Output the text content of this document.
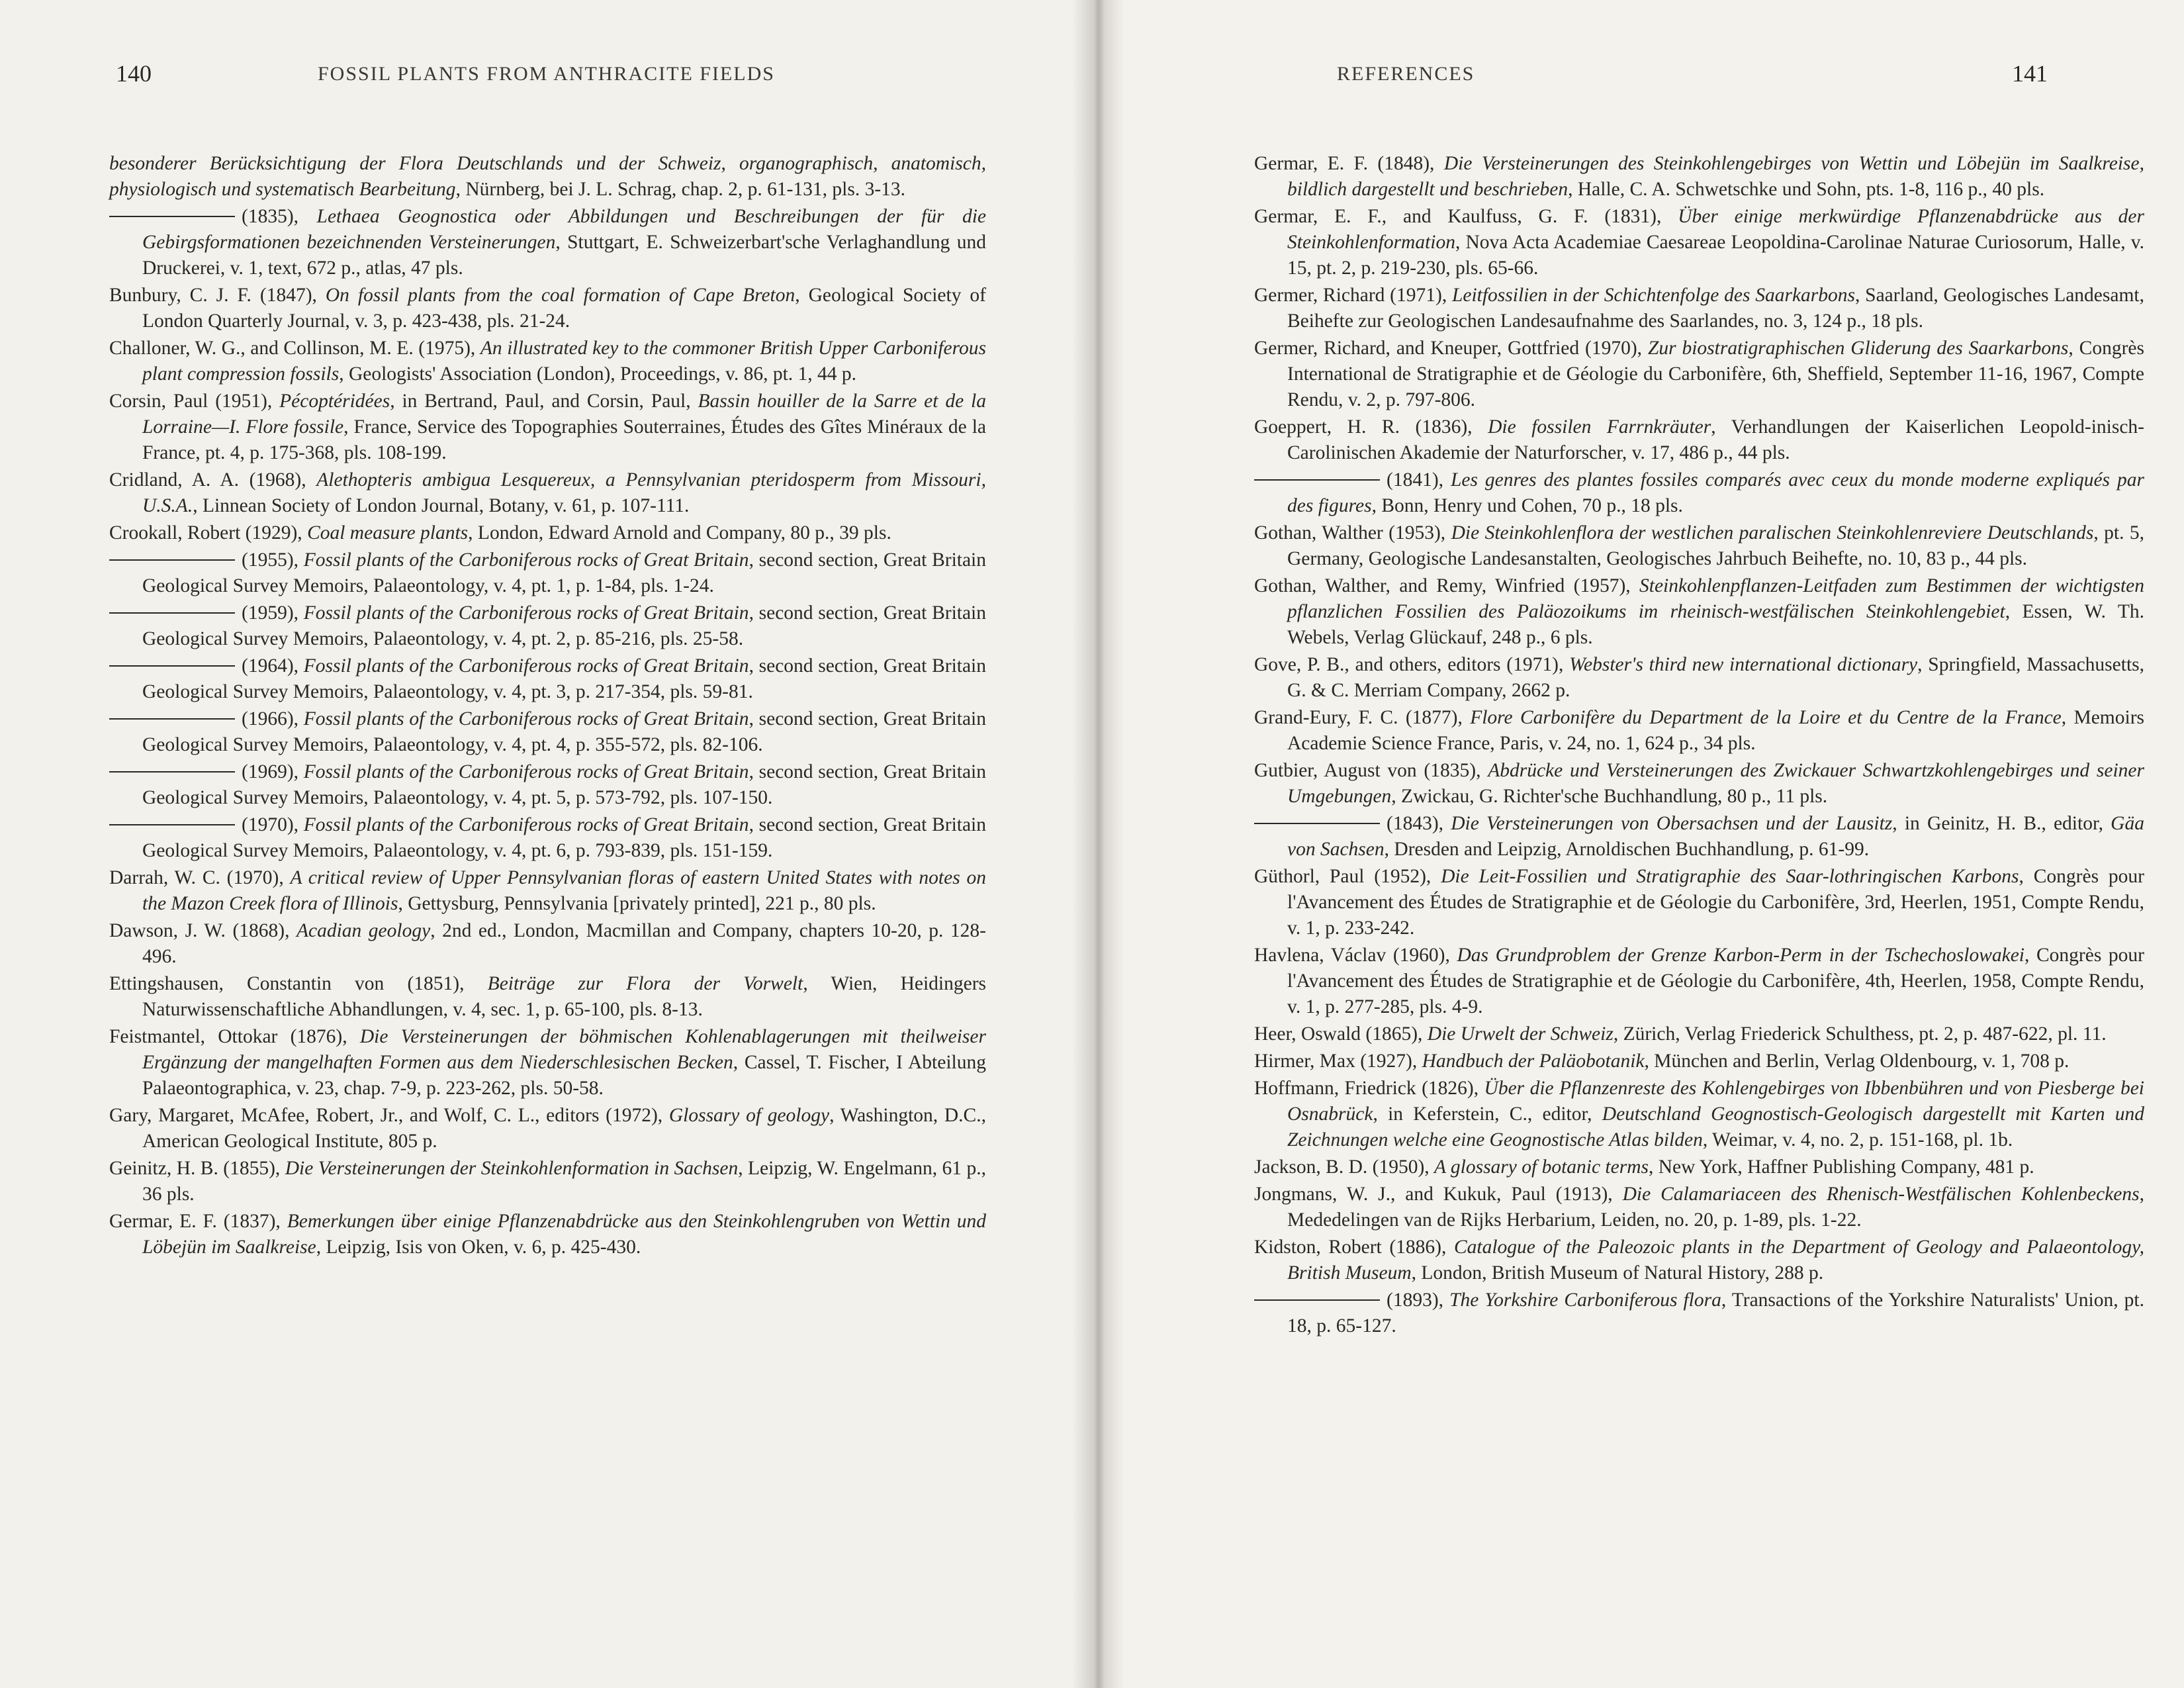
140	FOSSIL PLANTS FROM ANTHRACITE FIELDS
besonderer Berücksichtigung der Flora Deutschlands und der Schweiz, organographisch, anatomisch, physiologisch und systematisch Bearbeitung, Nürnberg, bei J. L. Schrag, chap. 2, p. 61-131, pls. 3-13.
(1835), Lethaea Geognostica oder Abbildungen und Beschreibungen der für die Gebirgsformationen bezeichnenden Versteinerungen, Stuttgart, E. Schweizerbart'sche Verlaghandlung und Druckerei, v. 1, text, 672 p., atlas, 47 pls.
Bunbury, C. J. F. (1847), On fossil plants from the coal formation of Cape Breton, Geological Society of London Quarterly Journal, v. 3, p. 423-438, pls. 21-24.
Challoner, W. G., and Collinson, M. E. (1975), An illustrated key to the commoner British Upper Carboniferous plant compression fossils, Geologists' Association (London), Proceedings, v. 86, pt. 1, 44 p.
Corsin, Paul (1951), Pécoptéridées, in Bertrand, Paul, and Corsin, Paul, Bassin houiller de la Sarre et de la Lorraine—I. Flore fossile, France, Service des Topographies Souterraines, Études des Gîtes Minéraux de la France, pt. 4, p. 175-368, pls. 108-199.
Cridland, A. A. (1968), Alethopteris ambigua Lesquereux, a Pennsylvanian pteridosperm from Missouri, U.S.A., Linnean Society of London Journal, Botany, v. 61, p. 107-111.
Crookall, Robert (1929), Coal measure plants, London, Edward Arnold and Company, 80 p., 39 pls.
(1955), Fossil plants of the Carboniferous rocks of Great Britain, second section, Great Britain Geological Survey Memoirs, Palaeontology, v. 4, pt. 1, p. 1-84, pls. 1-24.
(1959), Fossil plants of the Carboniferous rocks of Great Britain, second section, Great Britain Geological Survey Memoirs, Palaeontology, v. 4, pt. 2, p. 85-216, pls. 25-58.
(1964), Fossil plants of the Carboniferous rocks of Great Britain, second section, Great Britain Geological Survey Memoirs, Palaeontology, v. 4, pt. 3, p. 217-354, pls. 59-81.
(1966), Fossil plants of the Carboniferous rocks of Great Britain, second section, Great Britain Geological Survey Memoirs, Palaeontology, v. 4, pt. 4, p. 355-572, pls. 82-106.
(1969), Fossil plants of the Carboniferous rocks of Great Britain, second section, Great Britain Geological Survey Memoirs, Palaeontology, v. 4, pt. 5, p. 573-792, pls. 107-150.
(1970), Fossil plants of the Carboniferous rocks of Great Britain, second section, Great Britain Geological Survey Memoirs, Palaeontology, v. 4, pt. 6, p. 793-839, pls. 151-159.
Darrah, W. C. (1970), A critical review of Upper Pennsylvanian floras of eastern United States with notes on the Mazon Creek flora of Illinois, Gettysburg, Pennsylvania [privately printed], 221 p., 80 pls.
Dawson, J. W. (1868), Acadian geology, 2nd ed., London, Macmillan and Company, chapters 10-20, p. 128-496.
Ettingshausen, Constantin von (1851), Beiträge zur Flora der Vorwelt, Wien, Heidingers Naturwissenschaftliche Abhandlungen, v. 4, sec. 1, p. 65-100, pls. 8-13.
Feistmantel, Ottokar (1876), Die Versteinerungen der böhmischen Kohlenablagerungen mit theilweiser Ergänzung der mangelhaften Formen aus dem Niederschlesischen Becken, Cassel, T. Fischer, I Abteilung Palaeontographica, v. 23, chap. 7-9, p. 223-262, pls. 50-58.
Gary, Margaret, McAfee, Robert, Jr., and Wolf, C. L., editors (1972), Glossary of geology, Washington, D.C., American Geological Institute, 805 p.
Geinitz, H. B. (1855), Die Versteinerungen der Steinkohlenformation in Sachsen, Leipzig, W. Engelmann, 61 p., 36 pls.
Germar, E. F. (1837), Bemerkungen über einige Pflanzenabdrücke aus den Steinkohlengruben von Wettin und Löbejün im Saalkreise, Leipzig, Isis von Oken, v. 6, p. 425-430.
141
REFERENCES
Germar, E. F. (1848), Die Versteinerungen des Steinkohlengebirges von Wettin und Löbejün im Saalkreise, bildlich dargestellt und beschrieben, Halle, C. A. Schwetschke und Sohn, pts. 1-8, 116 p., 40 pls.
Germar, E. F., and Kaulfuss, G. F. (1831), Über einige merkwürdige Pflanzenabdrücke aus der Steinkohlenformation, Nova Acta Academiae Caesareae Leopoldina-Carolinae Naturae Curiosorum, Halle, v. 15, pt. 2, p. 219-230, pls. 65-66.
Germer, Richard (1971), Leitfossilien in der Schichtenfolge des Saarkarbons, Saarland, Geologisches Landesamt, Beihefte zur Geologischen Landesaufnahme des Saarlandes, no. 3, 124 p., 18 pls.
Germer, Richard, and Kneuper, Gottfried (1970), Zur biostratigraphischen Gliderung des Saarkarbons, Congrès International de Stratigraphie et de Géologie du Carbonifère, 6th, Sheffield, September 11-16, 1967, Compte Rendu, v. 2, p. 797-806.
Goeppert, H. R. (1836), Die fossilen Farrnkräuter, Verhandlungen der Kaiserlichen Leopold-inisch-Carolinischen Akademie der Naturforscher, v. 17, 486 p., 44 pls.
(1841), Les genres des plantes fossiles comparés avec ceux du monde moderne expliqués par des figures, Bonn, Henry und Cohen, 70 p., 18 pls.
Gothan, Walther (1953), Die Steinkohlenflora der westlichen paralischen Steinkohlenreviere Deutschlands, pt. 5, Germany, Geologische Landesanstalten, Geologisches Jahrbuch Beihefte, no. 10, 83 p., 44 pls.
Gothan, Walther, and Remy, Winfried (1957), Steinkohlenpflanzen-Leitfaden zum Bestimmen der wichtigsten pflanzlichen Fossilien des Paläozoikums im rheinisch-westfälischen Steinkohlengebiet, Essen, W. Th. Webels, Verlag Glückauf, 248 p., 6 pls.
Gove, P. B., and others, editors (1971), Webster's third new international dictionary, Springfield, Massachusetts, G. & C. Merriam Company, 2662 p.
Grand-Eury, F. C. (1877), Flore Carbonifère du Department de la Loire et du Centre de la France, Memoirs Academie Science France, Paris, v. 24, no. 1, 624 p., 34 pls.
Gutbier, August von (1835), Abdrücke und Versteinerungen des Zwickauer Schwartzkohlengebirges und seiner Umgebungen, Zwickau, G. Richter'sche Buchhandlung, 80 p., 11 pls.
(1843), Die Versteinerungen von Obersachsen und der Lausitz, in Geinitz, H. B., editor, Gäa von Sachsen, Dresden and Leipzig, Arnoldischen Buchhandlung, p. 61-99.
Güthorl, Paul (1952), Die Leit-Fossilien und Stratigraphie des Saar-lothringischen Karbons, Congrès pour l'Avancement des Études de Stratigraphie et de Géologie du Carbonifère, 3rd, Heerlen, 1951, Compte Rendu, v. 1, p. 233-242.
Havlena, Václav (1960), Das Grundproblem der Grenze Karbon-Perm in der Tschechoslowakei, Congrès pour l'Avancement des Études de Stratigraphie et de Géologie du Carbonifère, 4th, Heerlen, 1958, Compte Rendu, v. 1, p. 277-285, pls. 4-9.
Heer, Oswald (1865), Die Urwelt der Schweiz, Zürich, Verlag Friederick Schulthess, pt. 2, p. 487-622, pl. 11.
Hirmer, Max (1927), Handbuch der Paläobotanik, München and Berlin, Verlag Oldenbourg, v. 1, 708 p.
Hoffmann, Friedrick (1826), Über die Pflanzenreste des Kohlengebirges von Ibbenbühren und von Piesberge bei Osnabrück, in Keferstein, C., editor, Deutschland Geognostisch-Geologisch dargestellt mit Karten und Zeichnungen welche eine Geognostische Atlas bilden, Weimar, v. 4, no. 2, p. 151-168, pl. 1b.
Jackson, B. D. (1950), A glossary of botanic terms, New York, Haffner Publishing Company, 481 p.
Jongmans, W. J., and Kukuk, Paul (1913), Die Calamariaceen des Rhenisch-Westfälischen Kohlenbeckens, Mededelingen van de Rijks Herbarium, Leiden, no. 20, p. 1-89, pls. 1-22.
Kidston, Robert (1886), Catalogue of the Paleozoic plants in the Department of Geology and Palaeontology, British Museum, London, British Museum of Natural History, 288 p.
(1893), The Yorkshire Carboniferous flora, Transactions of the Yorkshire Naturalists' Union, pt. 18, p. 65-127.
